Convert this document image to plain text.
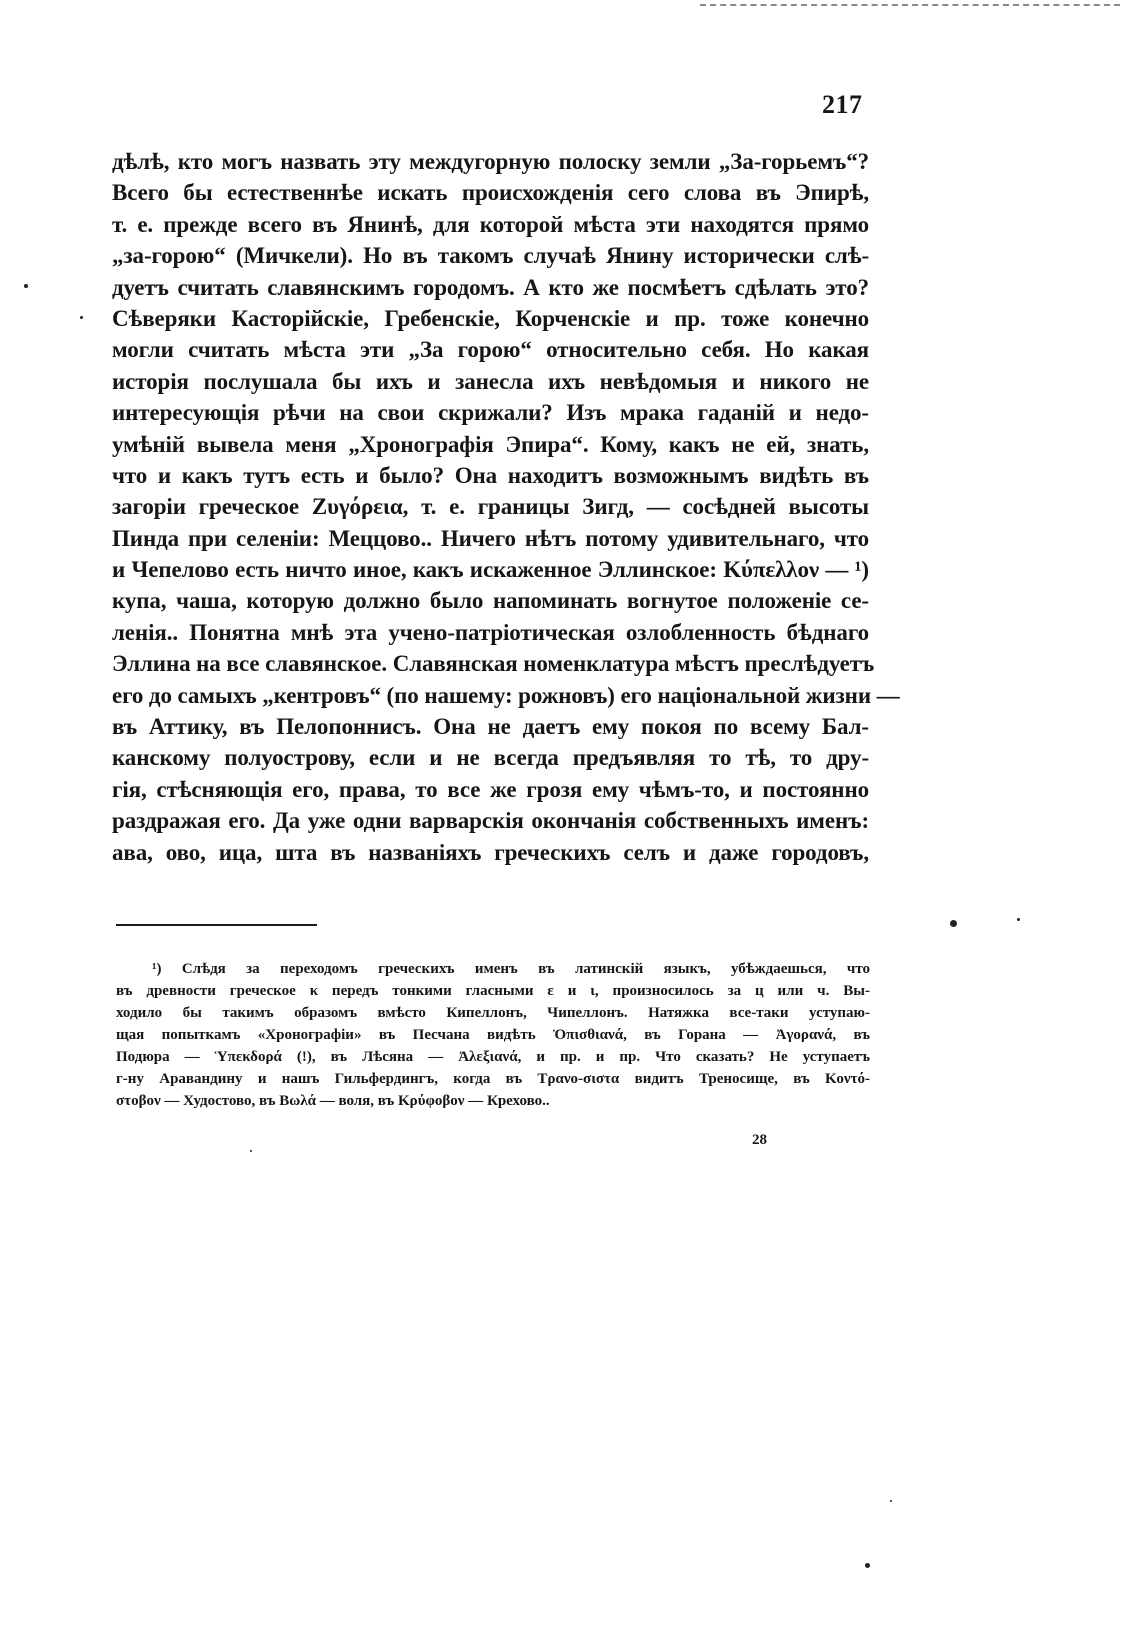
217
дѣлѣ, кто могъ назвать эту междугорную полоску земли „За-горьемъ“?
Всего бы естественнѣе искать происхожденія сего слова въ Эпирѣ,
т. е. прежде всего въ Янинѣ, для которой мѣста эти находятся прямо
„за-горою“ (Мичкели). Но въ такомъ случаѣ Янину исторически слѣ-
дуетъ считать славянскимъ городомъ. А кто же посмѣетъ сдѣлать это?
Сѣверяки Касторійскіе, Гребенскіе, Корченскіе и пр. тоже конечно
могли считать мѣста эти „За горою“ относительно себя. Но какая
исторія послушала бы ихъ и занесла ихъ невѣдомыя и никого не
интересующія рѣчи на свои скрижали? Изъ мрака гаданій и недо-
умѣній вывела меня „Хронографія Эпира“. Кому, какъ не ей, знать,
что и какъ тутъ есть и было? Она находитъ возможнымъ видѣть въ
загоріи греческое Ζυγόρεια, т. е. границы Зигд, — сосѣдней высоты
Пинда при селеніи: Меццово.. Ничего нѣтъ потому удивительнаго, что
и Чепелово есть ничто иное, какъ искаженное Эллинское: Κύπελλον — ¹)
купа, чаша, которую должно было напоминать вогнутое положеніе се-
ленія.. Понятна мнѣ эта учено-патріотическая озлобленность бѣднаго
Эллина на все славянское. Славянская номенклатура мѣстъ преслѣдуетъ
его до самыхъ „кентровъ“ (по нашему: рожновъ) его національной жизни —
въ Аттику, въ Пелопоннисъ. Она не даетъ ему покоя по всему Бал-
канскому полуострову, если и не всегда предъявляя то тѣ, то дру-
гія, стѣсняющія его, права, то все же грозя ему чѣмъ-то, и постоянно
раздражая его. Да уже одни варварскія окончанія собственныхъ именъ:
ава, ово, ица, шта въ названіяхъ греческихъ селъ и даже городовъ,
¹) Слѣдя за переходомъ греческихъ именъ въ латинскій языкъ, убѣждаешься, что
въ древности греческое κ передъ тонкими гласными ε и ι, произносилось за ц или ч. Вы-
ходило бы такимъ образомъ вмѣсто Кипеллонъ, Чипеллонъ. Натяжка все-таки уступаю-
щая попыткамъ «Хронографіи» въ Песчана видѣть Ὀπισθιανά, въ Горана — Ἀγορανά, въ
Подюра — Ὑπεκδορά (!), въ Лѣсяна — Ἀλεξιανά, и пр. и пр. Что сказать? Не уступаетъ
г-ну Аравандину и нашъ Гильфердингъ, когда въ Τρανο-σιστα видитъ Треносище, въ Κοντό-
στοβον — Худостово, въ Βωλά — воля, въ Κρύφοβον — Крехово..
28
